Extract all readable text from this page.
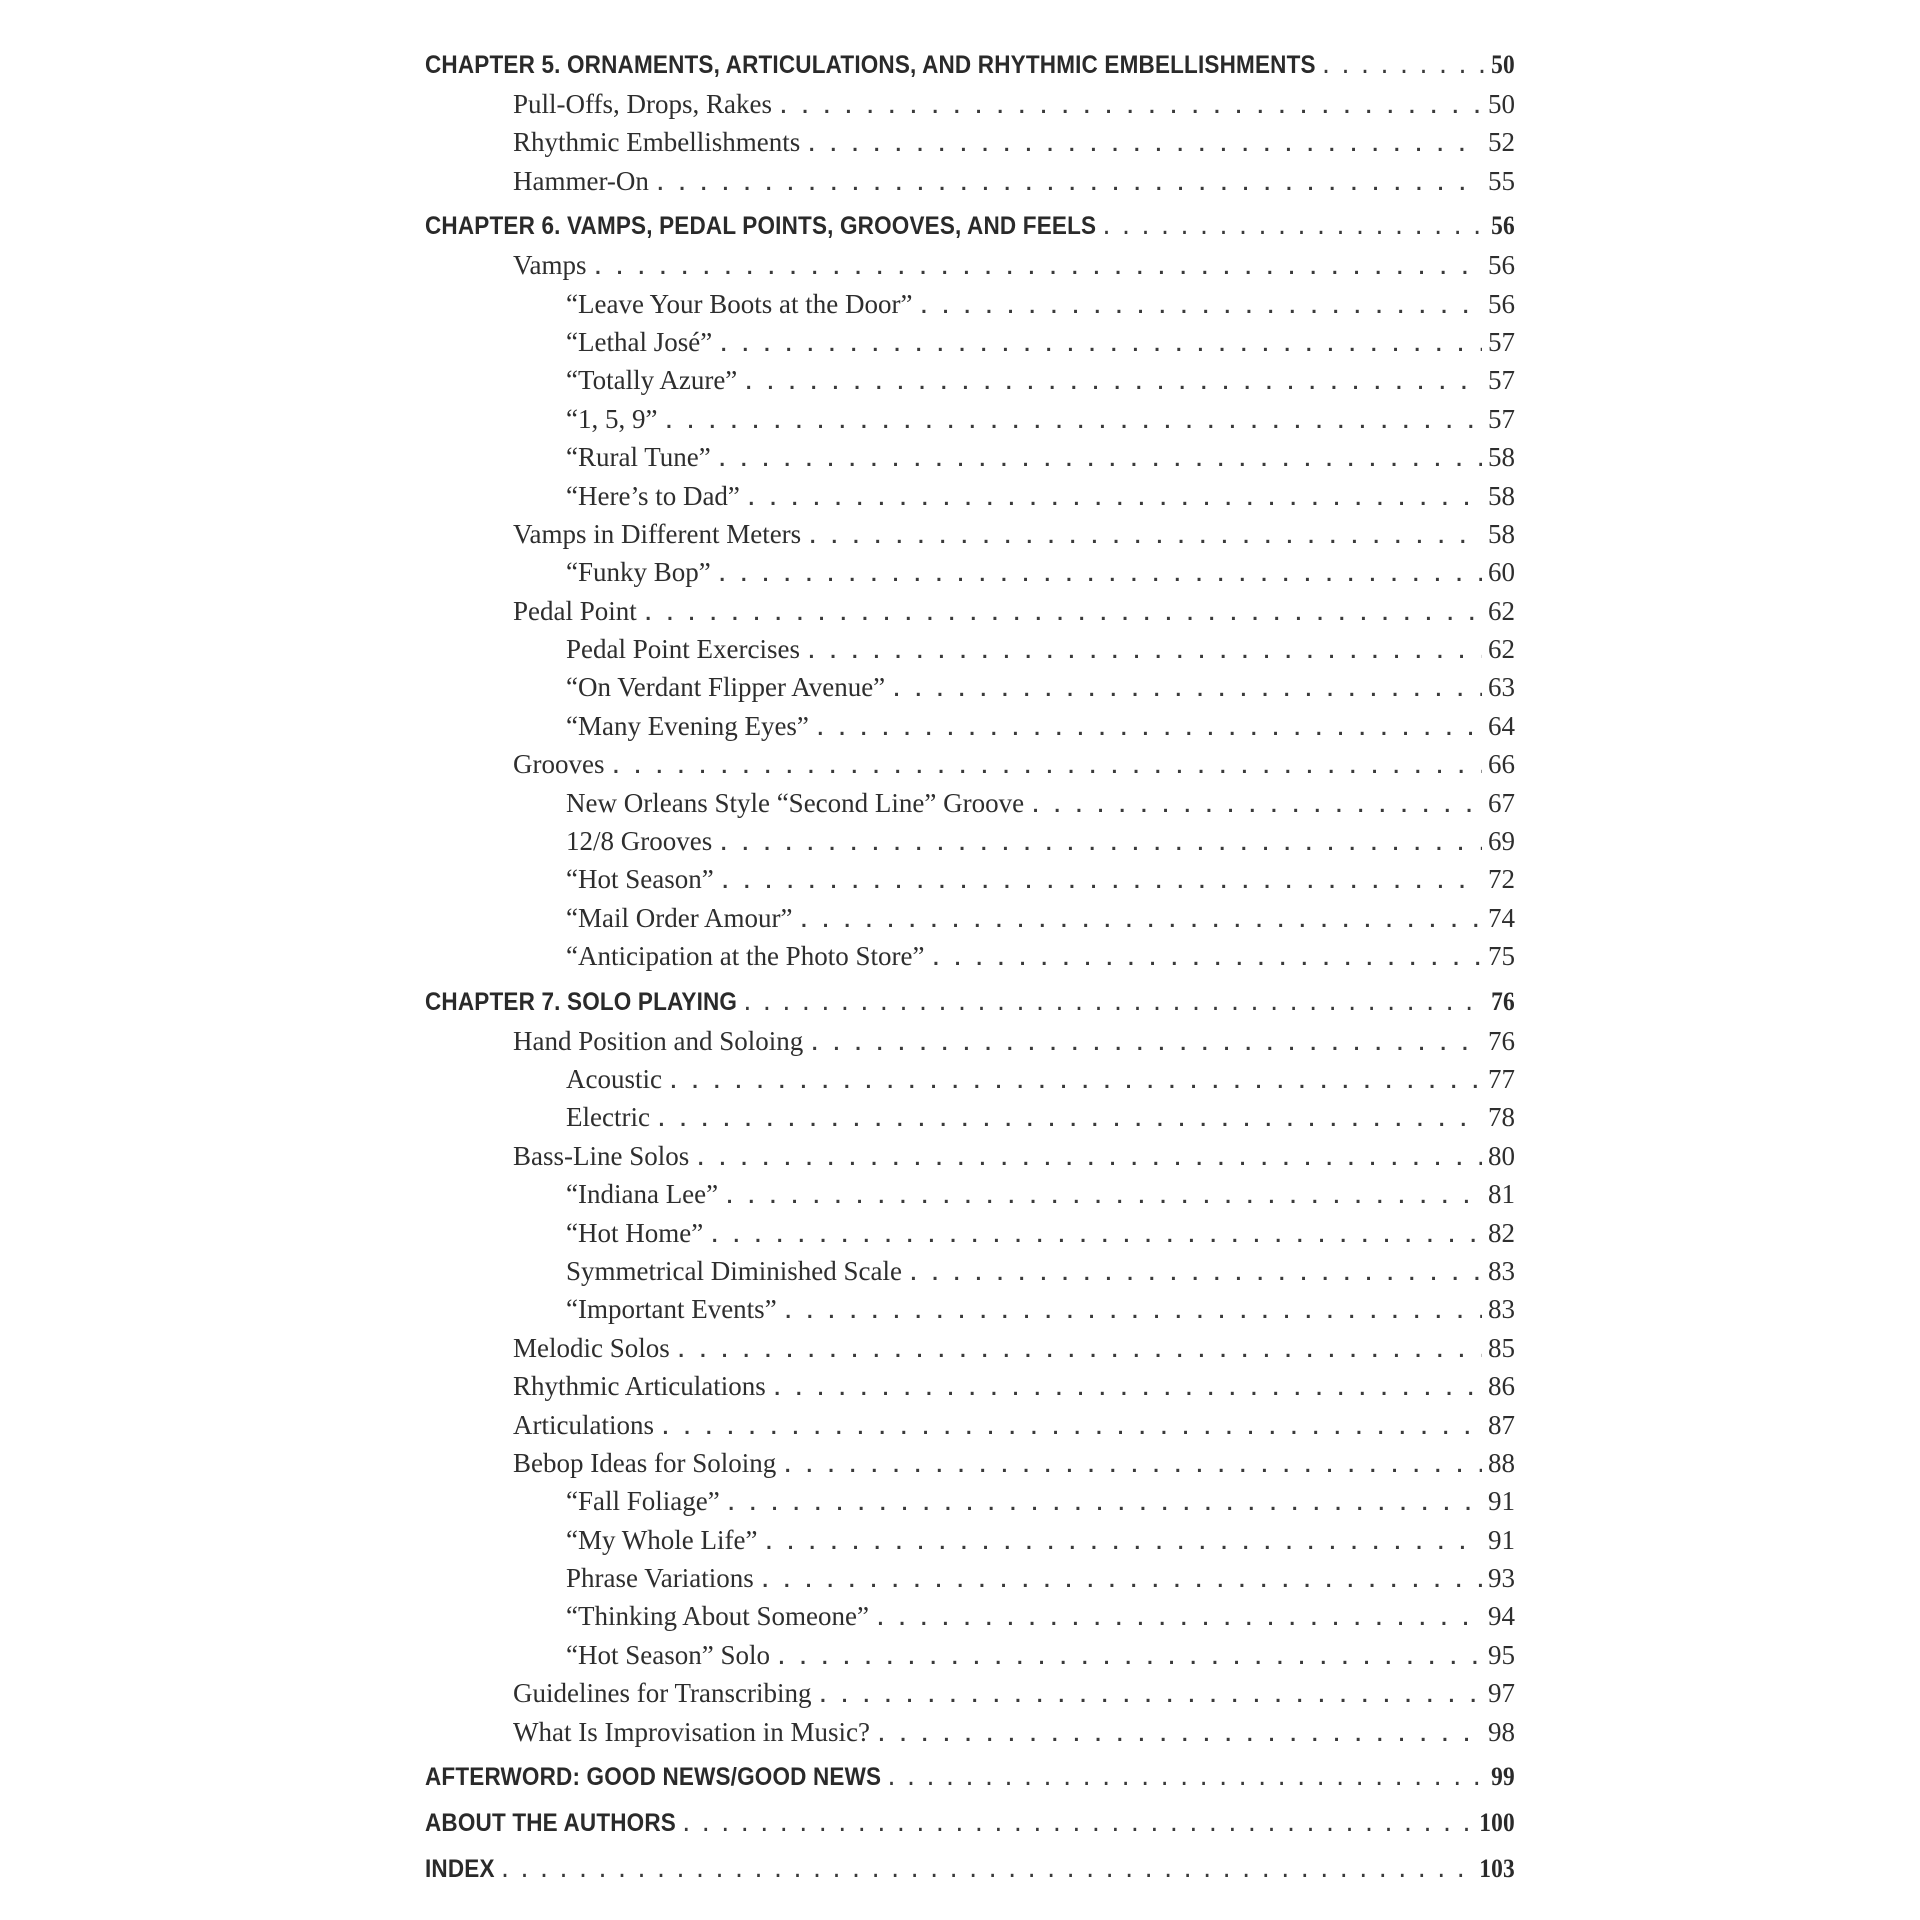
CHAPTER 5. ORNAMENTS, ARTICULATIONS, AND RHYTHMIC EMBELLISHMENTS . . .	50
Pull-Offs, Drops, Rakes . . .	50
Rhythmic Embellishments . . .	52
Hammer-On . . .	55
CHAPTER 6. VAMPS, PEDAL POINTS, GROOVES, AND FEELS . . .	56
Vamps . . .	56
“Leave Your Boots at the Door” . . .	56
“Lethal José” . . .	57
“Totally Azure” . . .	57
“1, 5, 9” . . .	57
“Rural Tune” . . .	58
“Here’s to Dad” . . .	58
Vamps in Different Meters . . .	58
“Funky Bop” . . .	60
Pedal Point . . .	62
Pedal Point Exercises . . .	62
“On Verdant Flipper Avenue” . . .	63
“Many Evening Eyes” . . .	64
Grooves . . .	66
New Orleans Style “Second Line” Groove . . .	67
12/8 Grooves . . .	69
“Hot Season” . . .	72
“Mail Order Amour” . . .	74
“Anticipation at the Photo Store” . . .	75
CHAPTER 7. SOLO PLAYING . . .	76
Hand Position and Soloing . . .	76
Acoustic . . .	77
Electric . . .	78
Bass-Line Solos . . .	80
“Indiana Lee” . . .	81
“Hot Home” . . .	82
Symmetrical Diminished Scale . . .	83
“Important Events” . . .	83
Melodic Solos . . .	85
Rhythmic Articulations . . .	86
Articulations . . .	87
Bebop Ideas for Soloing . . .	88
“Fall Foliage” . . .	91
“My Whole Life” . . .	91
Phrase Variations . . .	93
“Thinking About Someone” . . .	94
“Hot Season” Solo . . .	95
Guidelines for Transcribing . . .	97
What Is Improvisation in Music? . . .	98
AFTERWORD: GOOD NEWS/GOOD NEWS . . .	99
ABOUT THE AUTHORS . . .	100
INDEX . . .	103
